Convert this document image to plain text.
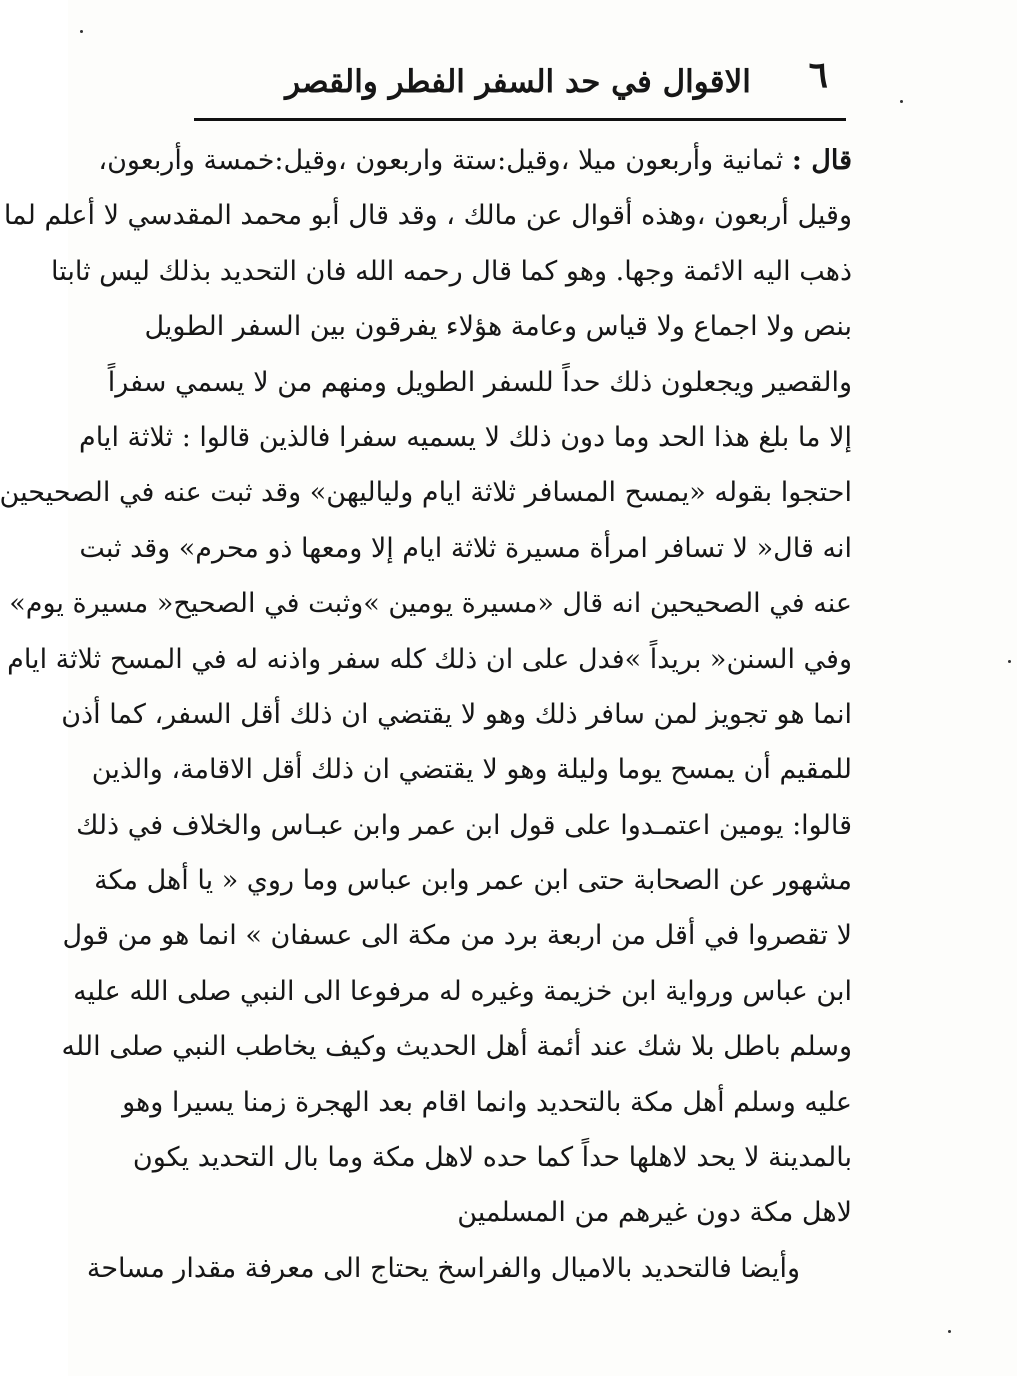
٦
الاقوال في حد السفر الفطر والقصر
قال : ثمانية وأربعون ميلا ،وقيل:ستة واربعون ،وقيل:خمسة وأربعون،
وقيل أربعون ،وهذه أقوال عن مالك ، وقد قال أبو محمد المقدسي لا أعلم لما
ذهب اليه الائمة وجها. وهو كما قال رحمه الله فان التحديد بذلك ليس ثابتا
بنص ولا اجماع ولا قياس وعامة هؤلاء يفرقون بين السفر الطويل
والقصير ويجعلون ذلك حداً للسفر الطويل ومنهم من لا يسمي سفراً
إلا ما بلغ هذا الحد وما دون ذلك لا يسميه سفرا فالذين قالوا : ثلاثة ايام
احتجوا بقوله «يمسح المسافر ثلاثة ايام ولياليهن» وقد ثبت عنه في الصحيحين
انه قال« لا تسافر امرأة مسيرة ثلاثة ايام إلا ومعها ذو محرم» وقد ثبت
عنه في الصحيحين انه قال «مسيرة يومين »وثبت في الصحيح« مسيرة يوم»
وفي السنن« بريداً »فدل على ان ذلك كله سفر واذنه له في المسح ثلاثة ايام
انما هو تجويز لمن سافر ذلك وهو لا يقتضي ان ذلك أقل السفر، كما أذن
للمقيم أن يمسح يوما وليلة وهو لا يقتضي ان ذلك أقل الاقامة، والذين
قالوا: يومين اعتمـدوا على قول ابن عمر وابن عبـاس والخلاف في ذلك
مشهور عن الصحابة حتى ابن عمر وابن عباس وما روي « يا أهل مكة
لا تقصروا في أقل من اربعة برد من مكة الى عسفان » انما هو من قول
ابن عباس ورواية ابن خزيمة وغيره له مرفوعا الى النبي صلى الله عليه
وسلم باطل بلا شك عند أئمة أهل الحديث وكيف يخاطب النبي صلى الله
عليه وسلم أهل مكة بالتحديد وانما اقام بعد الهجرة زمنا يسيرا وهو
بالمدينة لا يحد لاهلها حداً كما حده لاهل مكة وما بال التحديد يكون
لاهل مكة دون غيرهم من المسلمين
وأيضا فالتحديد بالاميال والفراسخ يحتاج الى معرفة مقدار مساحة
